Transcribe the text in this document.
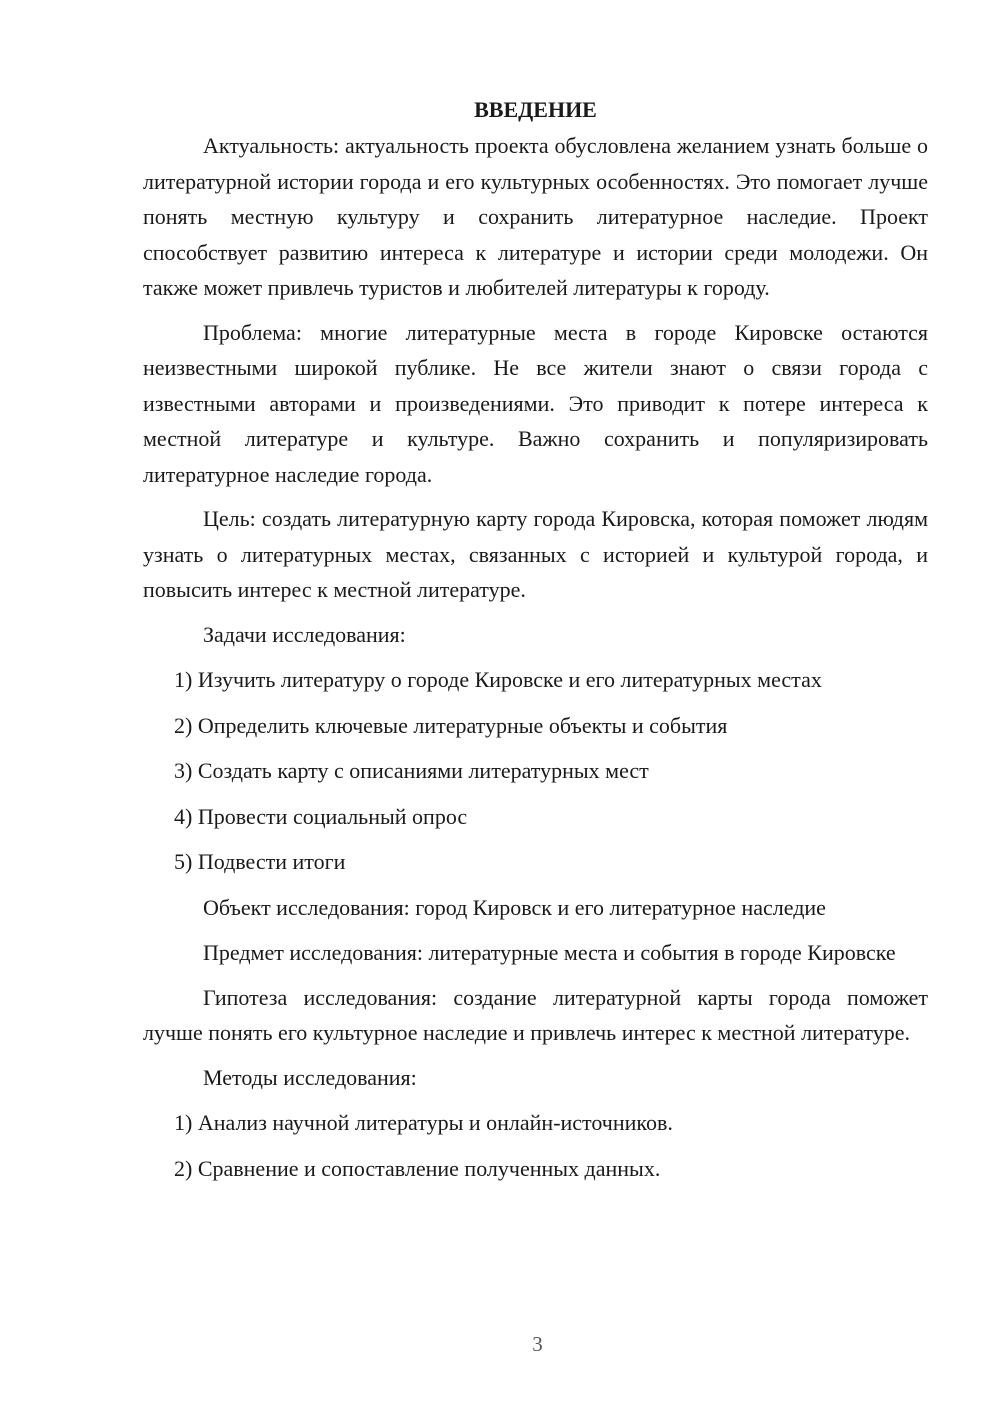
ВВЕДЕНИЕ

Актуальность: актуальность проекта обусловлена желанием узнать больше о литературной истории города и его культурных особенностях. Это помогает лучше понять местную культуру и сохранить литературное наследие. Проект способствует развитию интереса к литературе и истории среди молодежи. Он также может привлечь туристов и любителей литературы к городу.

Проблема: многие литературные места в городе Кировске остаются неизвестными широкой публике. Не все жители знают о связи города с известными авторами и произведениями. Это приводит к потере интереса к местной литературе и культуре. Важно сохранить и популяризировать литературное наследие города.

Цель: создать литературную карту города Кировска, которая поможет людям узнать о литературных местах, связанных с историей и культурой города, и повысить интерес к местной литературе.

Задачи исследования:

1) Изучить литературу о городе Кировске и его литературных местах

2) Определить ключевые литературные объекты и события

3) Создать карту с описаниями литературных мест

4) Провести социальный опрос

5) Подвести итоги

Объект исследования: город Кировск и его литературное наследие

Предмет исследования: литературные места и события в городе Кировске

Гипотеза исследования: создание литературной карты города поможет лучше понять его культурное наследие и привлечь интерес к местной литературе.

Методы исследования:

1) Анализ научной литературы и онлайн-источников.

2) Сравнение и сопоставление полученных данных.

3
